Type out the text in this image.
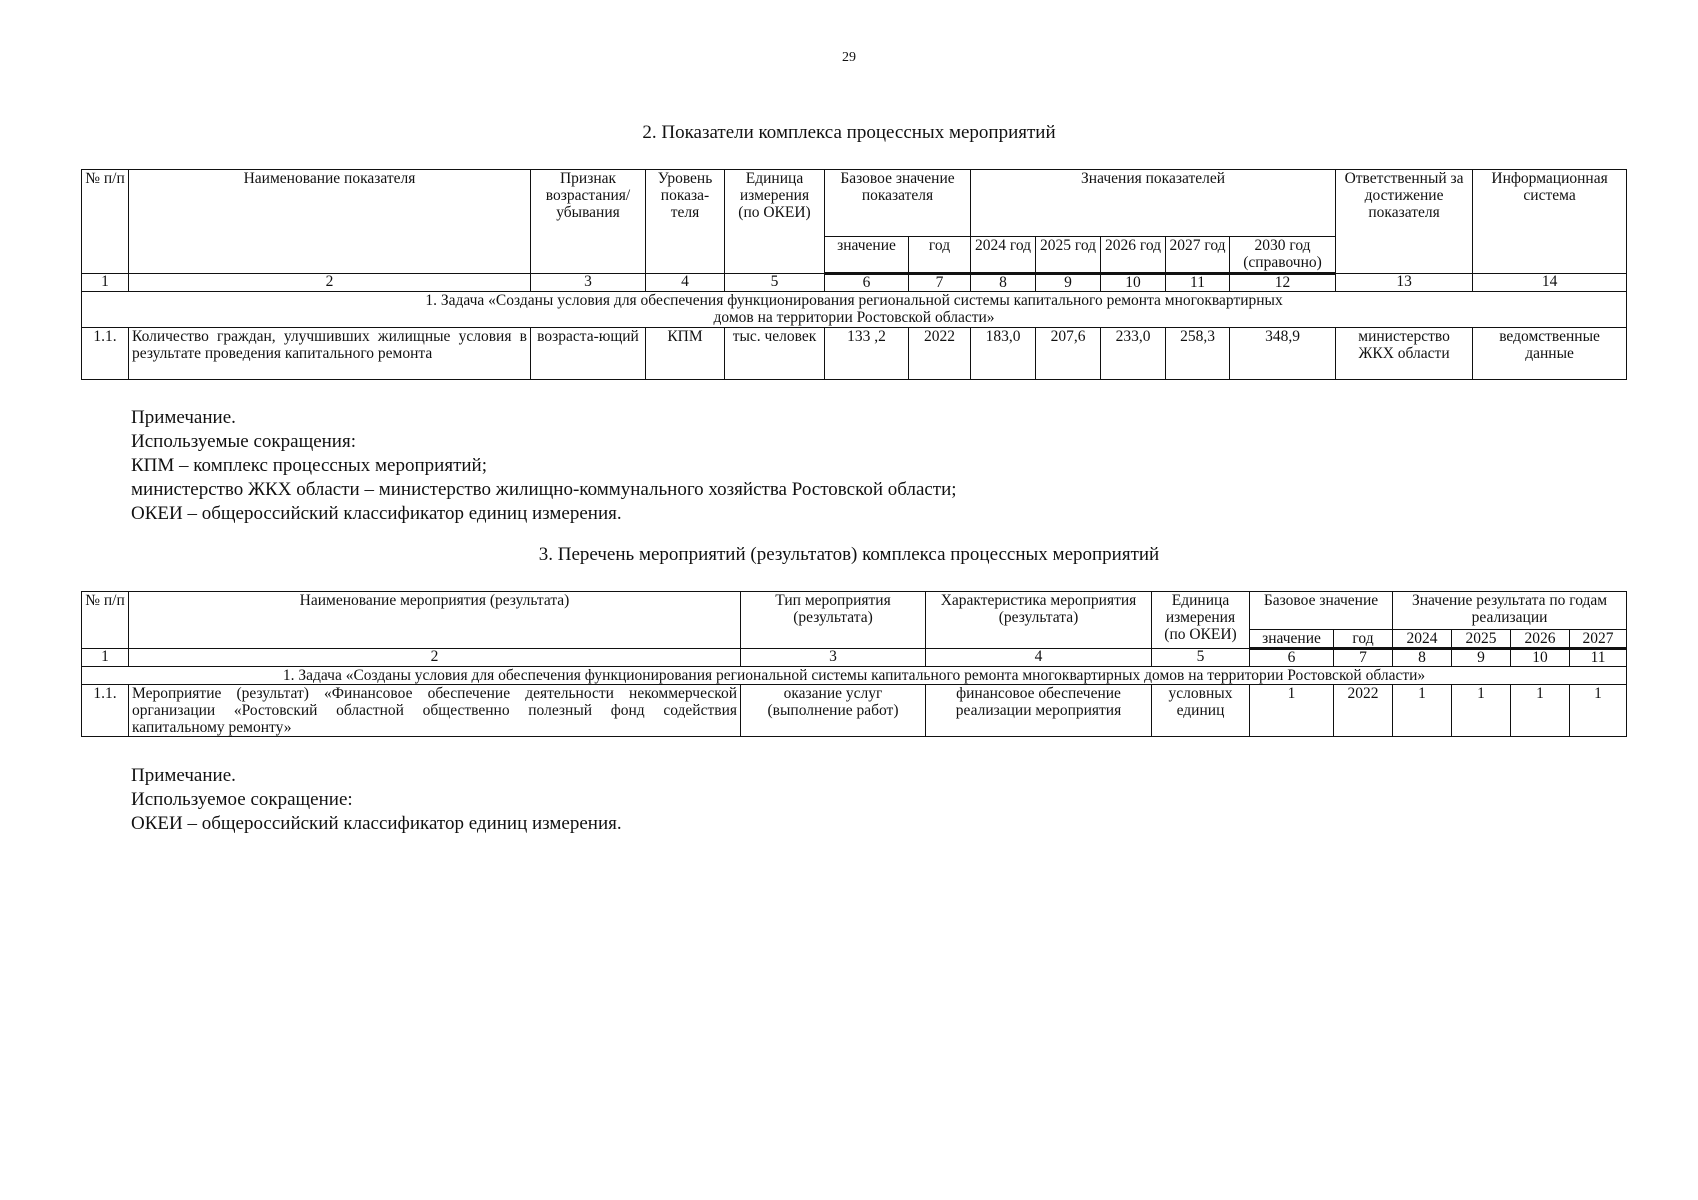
29
2. Показатели комплекса процессных мероприятий
№ п/п	Наименование показателя	Признак возрастания/ убывания	Уровень показа-теля	Единица измерения (по ОКЕИ)	Базовое значение показателя		Значения показателей					Ответственный за достижение показателя	Информационная система
					значение	год	2024 год	2025 год	2026 год	2027 год	2030 год (справочно)		
1	2	3	4	5	6	7	8	9	10	11	12	13	14
1. Задача «Созданы условия для обеспечения функционирования региональной системы капитального ремонта многоквартирных домов на территории Ростовской области»													
1.1.	Количество граждан, улучшивших жилищные условия в результате проведения капитального ремонта	возраста-ющий	КПМ	тыс. человек	133 ,2	2022	183,0	207,6	233,0	258,3	348,9	министерство ЖКХ области	ведомственные данные
Примечание.
Используемые сокращения:
КПМ – комплекс процессных мероприятий;
министерство ЖКХ области – министерство жилищно-коммунального хозяйства Ростовской области;
ОКЕИ – общероссийский классификатор единиц измерения.
3. Перечень мероприятий (результатов) комплекса процессных мероприятий
№ п/п	Наименование мероприятия (результата)	Тип мероприятия (результата)	Характеристика мероприятия (результата)	Единица измерения (по ОКЕИ)	Базовое значение		Значение результата по годам реализации			
					значение	год	2024	2025	2026	2027
1	2	3	4	5	6	7	8	9	10	11
1. Задача «Созданы условия для обеспечения функционирования региональной системы капитального ремонта многоквартирных домов на территории Ростовской области»										
1.1.	Мероприятие (результат) «Финансовое обеспечение деятельности некоммерческой организации «Ростовский областной общественно полезный фонд содействия капитальному ремонту»	оказание услуг (выполнение работ)	финансовое обеспечение реализации мероприятия	условных единиц	1	2022	1	1	1	1
Примечание.
Используемое сокращение:
ОКЕИ – общероссийский классификатор единиц измерения.
